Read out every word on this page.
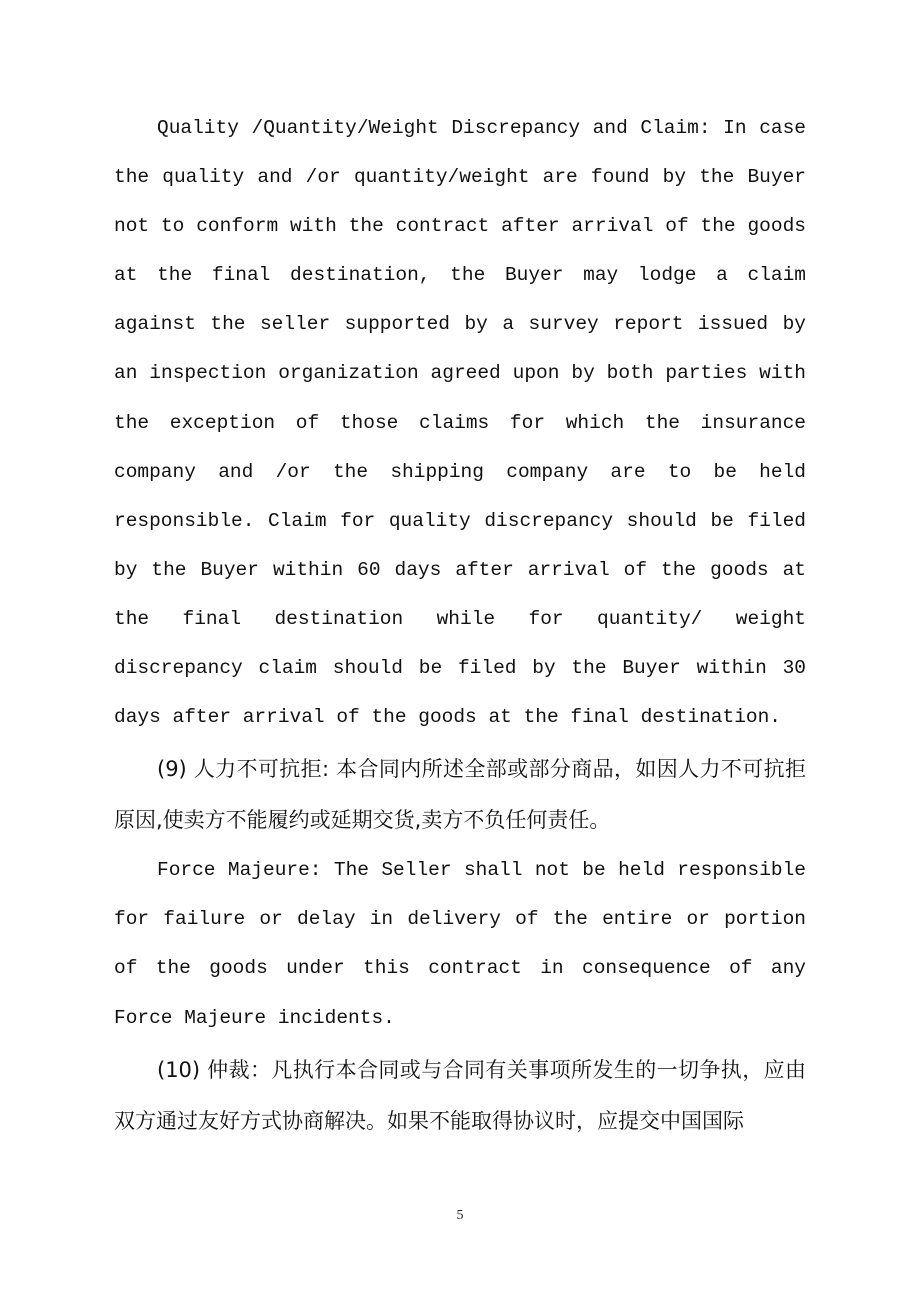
Quality /Quantity/Weight Discrepancy and Claim: In case the quality and /or quantity/weight are found by the Buyer not to conform with the contract after arrival of the goods at the final destination, the Buyer may lodge a claim against the seller supported by a survey report issued by an inspection organization agreed upon by both parties with the exception of those claims for which the insurance company and /or the shipping company are to be held responsible. Claim for quality discrepancy should be filed by the Buyer within 60 days after arrival of the goods at the final destination while for quantity/ weight discrepancy claim should be filed by the Buyer within 30 days after arrival of the goods at the final destination.

(9) 人力不可抗拒: 本合同内所述全部或部分商品，如因人力不可抗拒原因,使卖方不能履约或延期交货,卖方不负任何责任。

Force Majeure: The Seller shall not be held responsible for failure or delay in delivery of the entire or portion of the goods under this contract in consequence of any Force Majeure incidents.

(10) 仲裁：凡执行本合同或与合同有关事项所发生的一切争执，应由双方通过友好方式协商解决。如果不能取得协议时，应提交中国国际

5
